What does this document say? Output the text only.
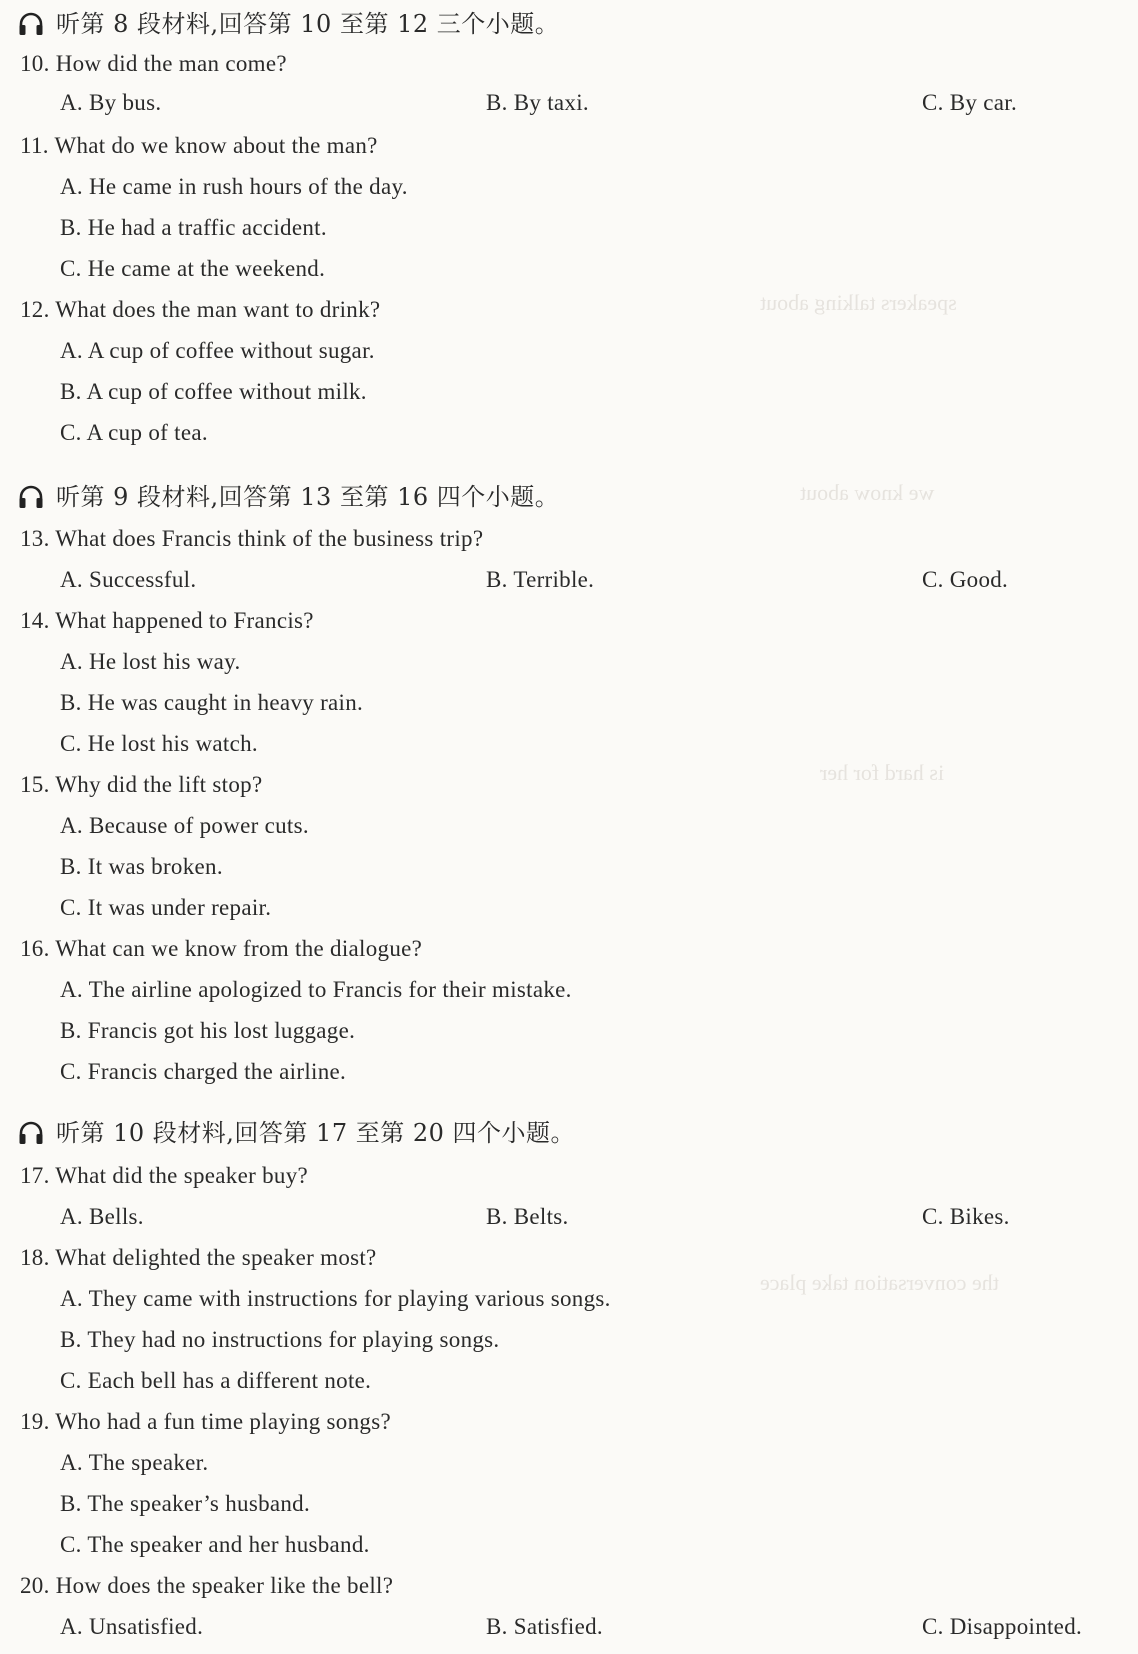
speakers talking about
we know about
is hard for her
the conversation take place
听第 8 段材料,回答第 10 至第 12 三个小题。
10. How did the man come?
A. By bus.	B. By taxi.	C. By car.
11. What do we know about the man?
A. He came in rush hours of the day.
B. He had a traffic accident.
C. He came at the weekend.
12. What does the man want to drink?
A. A cup of coffee without sugar.
B. A cup of coffee without milk.
C. A cup of tea.
听第 9 段材料,回答第 13 至第 16 四个小题。
13. What does Francis think of the business trip?
A. Successful.	B. Terrible.	C. Good.
14. What happened to Francis?
A. He lost his way.
B. He was caught in heavy rain.
C. He lost his watch.
15. Why did the lift stop?
A. Because of power cuts.
B. It was broken.
C. It was under repair.
16. What can we know from the dialogue?
A. The airline apologized to Francis for their mistake.
B. Francis got his lost luggage.
C. Francis charged the airline.
听第 10 段材料,回答第 17 至第 20 四个小题。
17. What did the speaker buy?
A. Bells.	B. Belts.	C. Bikes.
18. What delighted the speaker most?
A. They came with instructions for playing various songs.
B. They had no instructions for playing songs.
C. Each bell has a different note.
19. Who had a fun time playing songs?
A. The speaker.
B. The speaker’s husband.
C. The speaker and her husband.
20. How does the speaker like the bell?
A. Unsatisfied.	B. Satisfied.	C. Disappointed.
